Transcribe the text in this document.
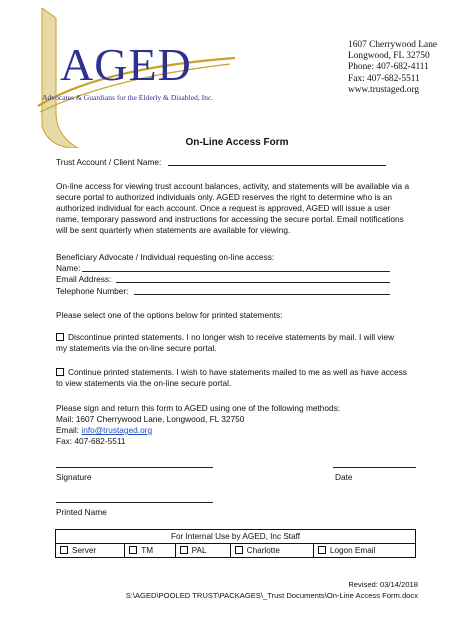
AGED
Advocates & Guardians for the Elderly & Disabled, Inc.
1607 Cherrywood Lane
Longwood, FL 32750
Phone: 407-682-4111
Fax: 407-682-5511
www.trustaged.org
On-Line Access Form
Trust Account / Client Name:
On-line access for viewing trust account balances, activity, and statements will be available via a
secure portal to authorized individuals only. AGED reserves the right to determine who is an
authorized individual for each account. Once a request is approved, AGED will issue a user
name, temporary password and instructions for accessing the secure portal. Email notifications
will be sent quarterly when statements are available for viewing.
Beneficiary Advocate / Individual requesting on-line access:
Name:
Email Address:
Telephone Number:
Please select one of the options below for printed statements:
Discontinue printed statements. I no longer wish to receive statements by mail. I will view
my statements via the on-line secure portal.
Continue printed statements. I wish to have statements mailed to me as well as have access
to view statements via the on-line secure portal.
Please sign and return this form to AGED using one of the following methods:
Mail: 1607 Cherrywood Lane, Longwood, FL 32750
Email: info@trustaged.org
Fax: 407-682-5511
Signature	Date
Printed Name
For Internal Use by AGED, Inc Staff
Server	TM	PAL	Charlotte	Logon Email
Revised: 03/14/2018
S:\AGED\POOLED TRUST\PACKAGES\_Trust Documents\On-Line Access Form.docx
